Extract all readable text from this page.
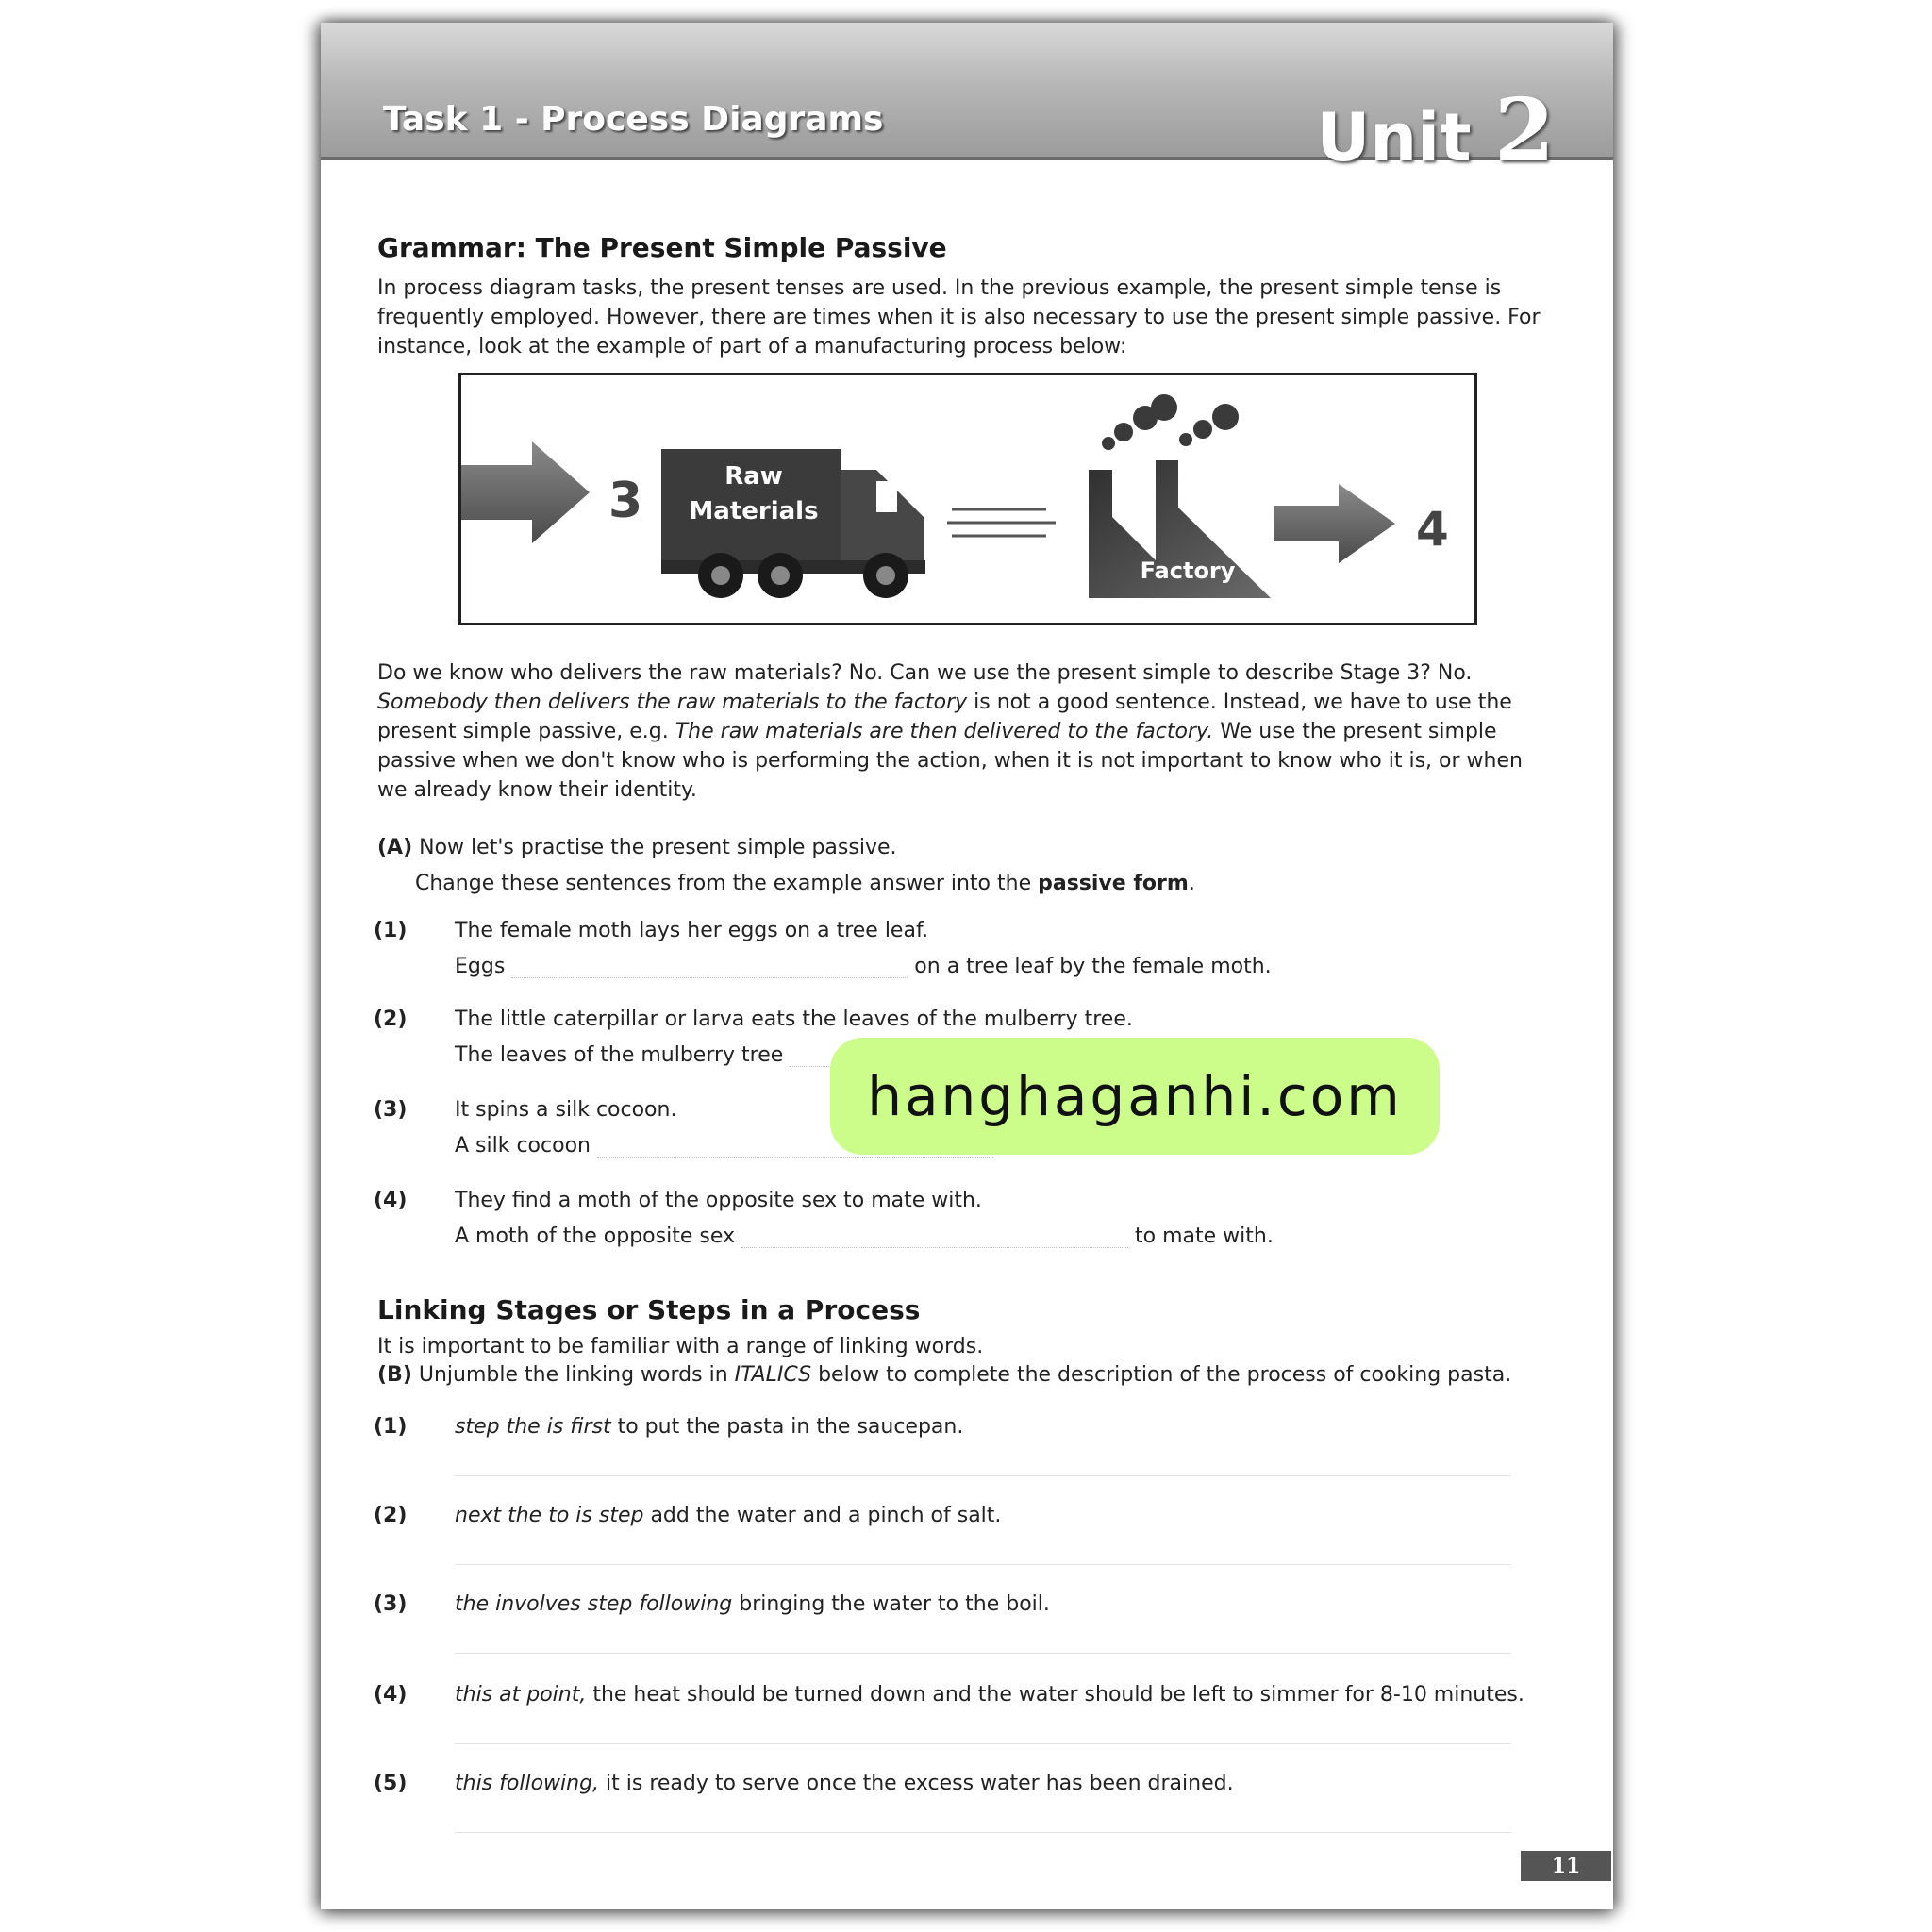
Task 1 - Process Diagrams	Unit 2
Grammar: The Present Simple Passive
In process diagram tasks, the present tenses are used. In the previous example, the present simple tense is frequently employed. However, there are times when it is also necessary to use the present simple passive. For instance, look at the example of part of a manufacturing process below:
3	Raw
Materials
Factory
4
Do we know who delivers the raw materials? No. Can we use the present simple to describe Stage 3? No. Somebody then delivers the raw materials to the factory is not a good sentence. Instead, we have to use the present simple passive, e.g. The raw materials are then delivered to the factory. We use the present simple passive when we don't know who is performing the action, when it is not important to know who it is, or when we already know their identity.
(A) Now let's practise the present simple passive.
Change these sentences from the example answer into the passive form.
(1) The female moth lays her eggs on a tree leaf.
Eggs	on a tree leaf by the female moth.
(2) The little caterpillar or larva eats the leaves of the mulberry tree.
The leaves of the mulberry tree
(3) It spins a silk cocoon.
A silk cocoon
(4) They find a moth of the opposite sex to mate with.
A moth of the opposite sex	to mate with.
Linking Stages or Steps in a Process
It is important to be familiar with a range of linking words.
(B) Unjumble the linking words in ITALICS below to complete the description of the process of cooking pasta.
(1) step the is first to put the pasta in the saucepan.
(2) next the to is step add the water and a pinch of salt.
(3) the involves step following bringing the water to the boil.
(4) this at point, the heat should be turned down and the water should be left to simmer for 8-10 minutes.
(5) this following, it is ready to serve once the excess water has been drained.
11
hanghaganhi.com
